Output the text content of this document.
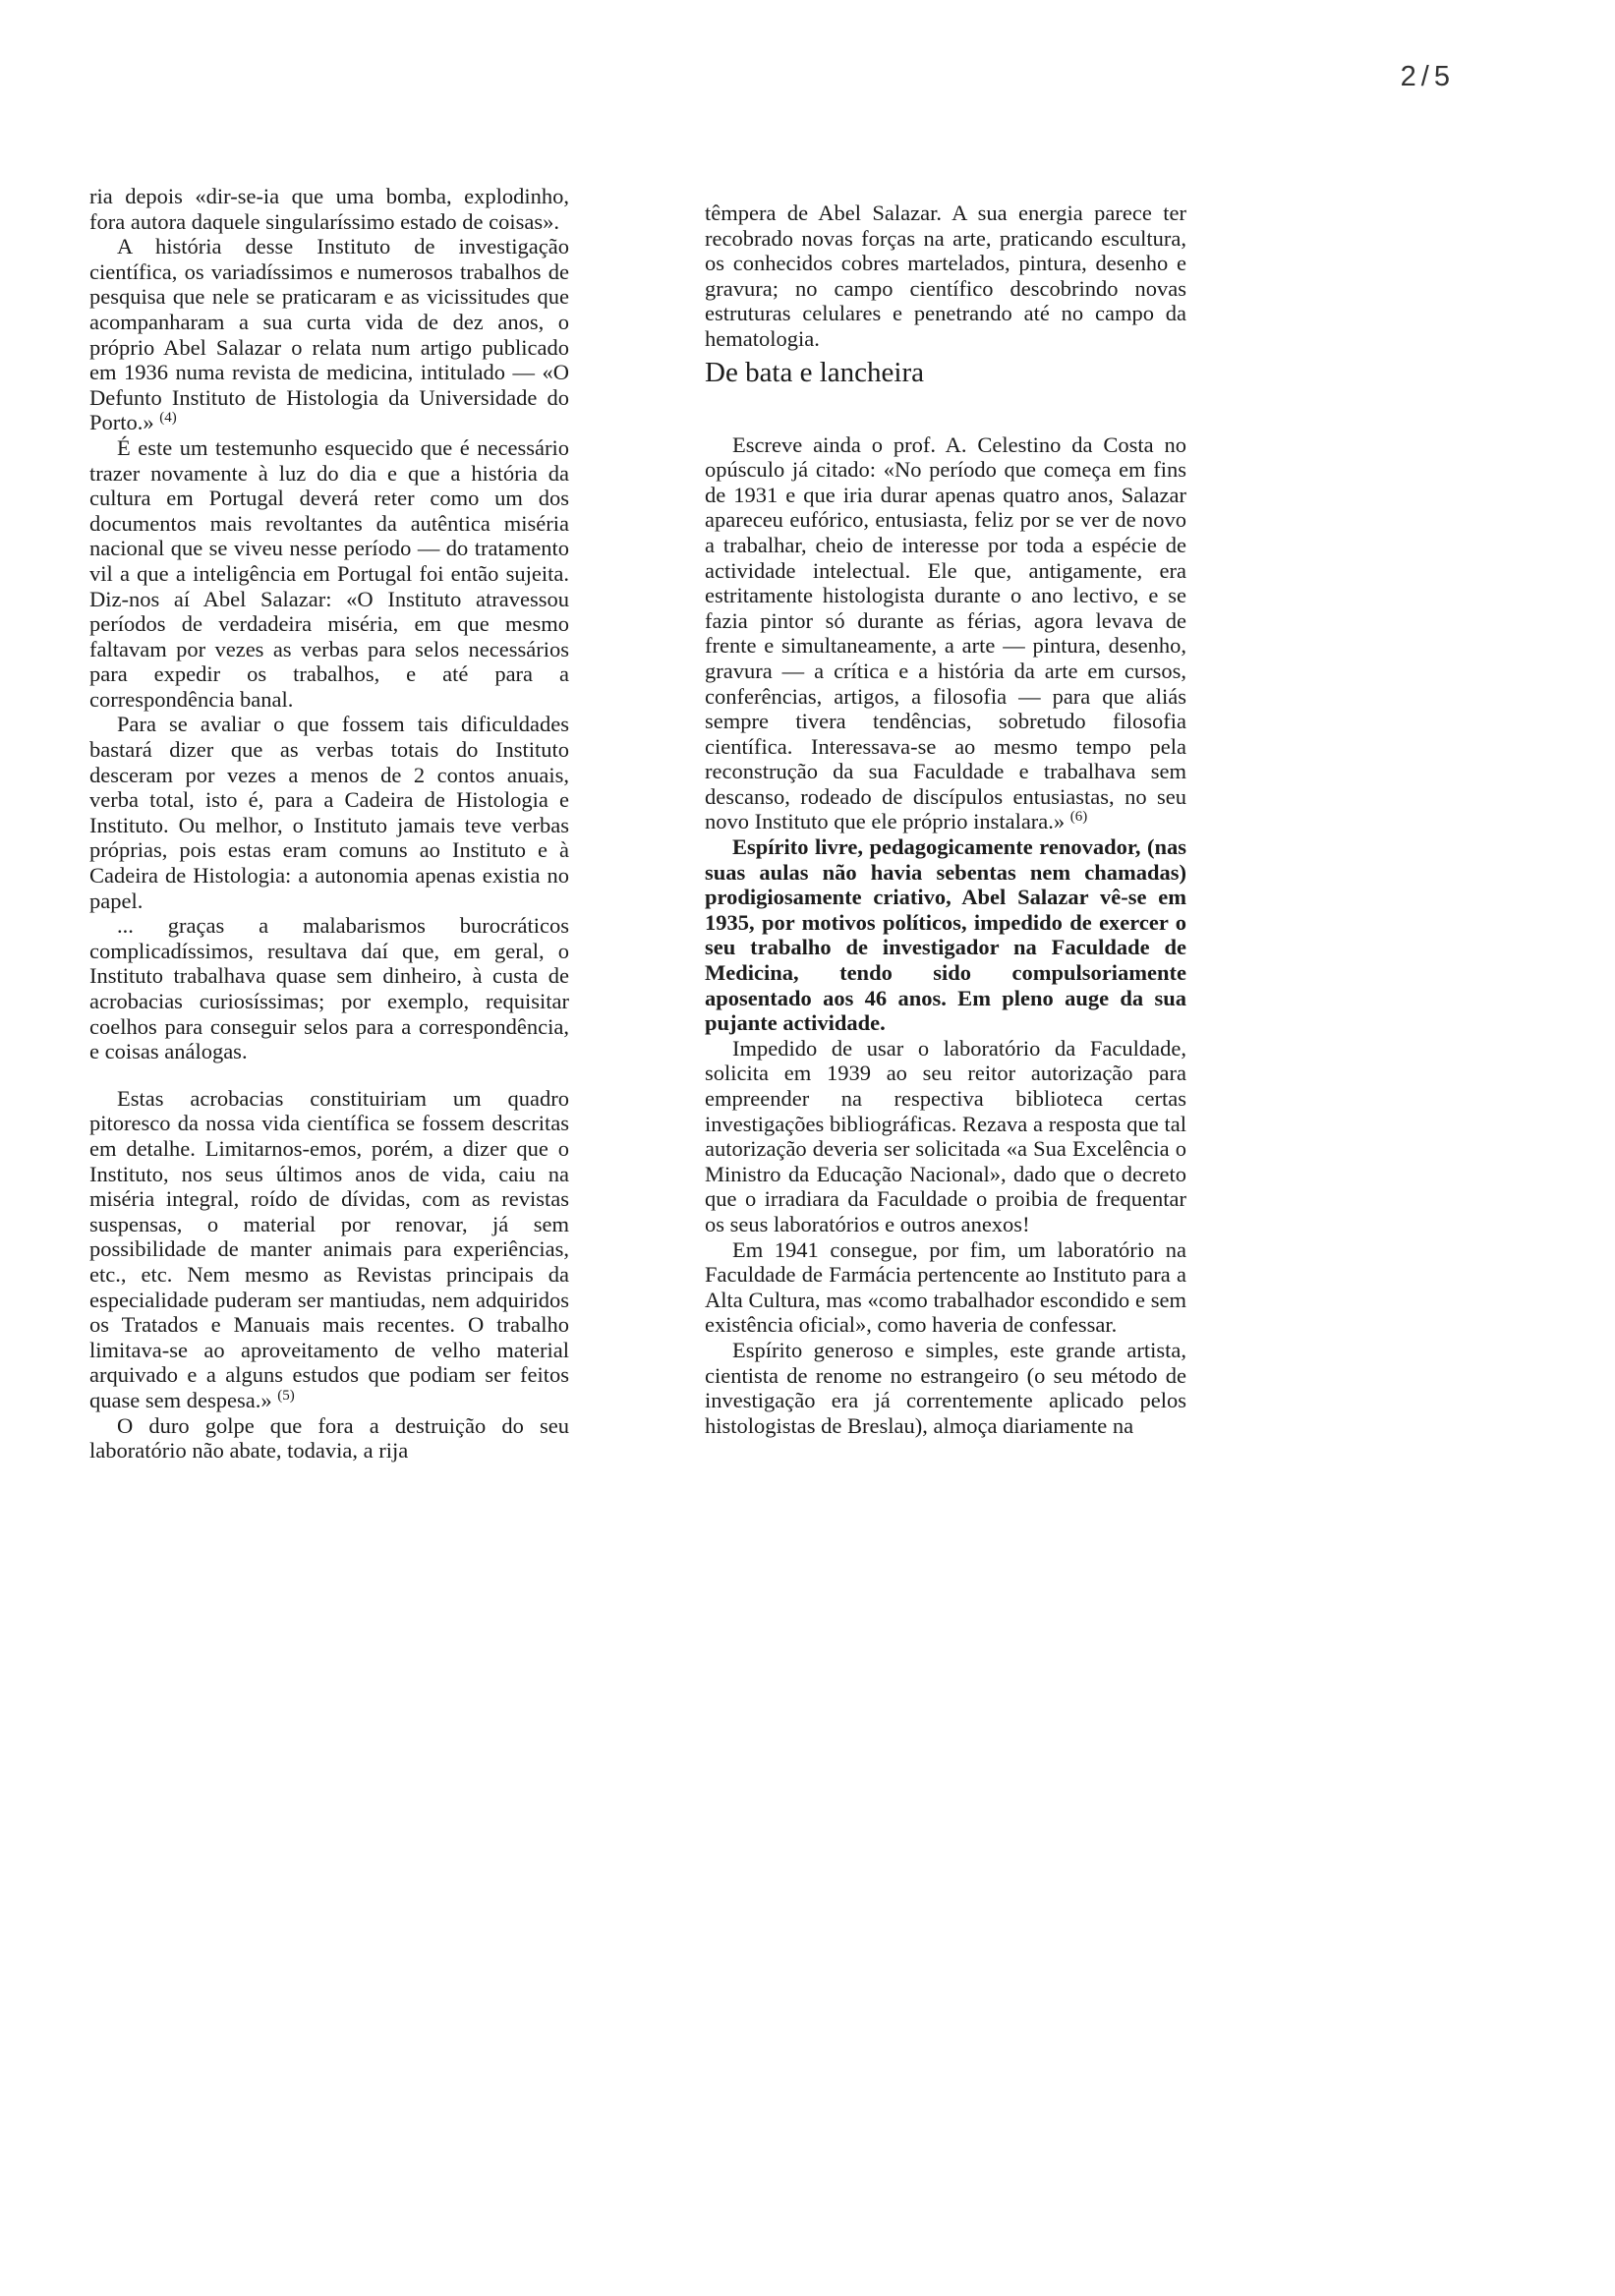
2/5

ria depois «dir-se-ia que uma bomba, explodinho, fora autora daquele singularíssimo estado de coisas».

A história desse Instituto de investigação científica, os variadíssimos e numerosos trabalhos de pesquisa que nele se praticaram e as vicissitudes que acompanharam a sua curta vida de dez anos, o próprio Abel Salazar o relata num artigo publicado em 1936 numa revista de medicina, intitulado — «O Defunto Instituto de Histologia da Universidade do Porto.» $^{(4)}$

É este um testemunho esquecido que é necessário trazer novamente à luz do dia e que a história da cultura em Portugal deverá reter como um dos documentos mais revoltantes da autêntica miséria nacional que se viveu nesse período — do tratamento vil a que a inteligência em Portugal foi então sujeita. Diz-nos aí Abel Salazar: «O Instituto atravessou períodos de verdadeira miséria, em que mesmo faltavam por vezes as verbas para selos necessários para expedir os trabalhos, e até para a correspondência banal.

Para se avaliar o que fossem tais dificuldades bastará dizer que as verbas totais do Instituto desceram por vezes a menos de 2 contos anuais, verba total, isto é, para a Cadeira de Histologia e Instituto. Ou melhor, o Instituto jamais teve verbas próprias, pois estas eram comuns ao Instituto e à Cadeira de Histologia: a autonomia apenas existia no papel.

... graças a malabarismos burocráticos complicadíssimos, resultava daí que, em geral, o Instituto trabalhava quase sem dinheiro, à custa de acrobacias curiosíssimas; por exemplo, requisitar coelhos para conseguir selos para a correspondência, e coisas análogas.

Estas acrobacias constituiriam um quadro pitoresco da nossa vida científica se fossem descritas em detalhe. Limitarnos-emos, porém, a dizer que o Instituto, nos seus últimos anos de vida, caiu na miséria integral, roído de dívidas, com as revistas suspensas, o material por renovar, já sem possibilidade de manter animais para experiências, etc., etc. Nem mesmo as Revistas principais da especialidade puderam ser mantiudas, nem adquiridos os Tratados e Manuais mais recentes. O trabalho limitava-se ao aproveitamento de velho material arquivado e a alguns estudos que podiam ser feitos quase sem despesa.» $^{(5)}$

O duro golpe que fora a destruição do seu laboratório não abate, todavia, a rija

têmpera de Abel Salazar. A sua energia parece ter recobrado novas forças na arte, praticando escultura, os conhecidos cobres martelados, pintura, desenho e gravura; no campo científico descobrindo novas estruturas celulares e penetrando até no campo da hematologia.

De bata e lancheira

Escreve ainda o prof. A. Celestino da Costa no opúsculo já citado: «No período que começa em fins de 1931 e que iria durar apenas quatro anos, Salazar apareceu eufórico, entusiasta, feliz por se ver de novo a trabalhar, cheio de interesse por toda a espécie de actividade intelectual. Ele que, antigamente, era estritamente histologista durante o ano lectivo, e se fazia pintor só durante as férias, agora levava de frente e simultaneamente, a arte — pintura, desenho, gravura — a crítica e a história da arte em cursos, conferências, artigos, a filosofia — para que aliás sempre tivera tendências, sobretudo filosofia científica. Interessava-se ao mesmo tempo pela reconstrução da sua Faculdade e trabalhava sem descanso, rodeado de discípulos entusiastas, no seu novo Instituto que ele próprio instalara.» $^{(6)}$

Espírito livre, pedagogicamente renovador, (nas suas aulas não havia sebentas nem chamadas) prodigiosamente criativo, Abel Salazar vê-se em 1935, por motivos políticos, impedido de exercer o seu trabalho de investigador na Faculdade de Medicina, tendo sido compulsoriamente aposentado aos 46 anos. Em pleno auge da sua pujante actividade.

Impedido de usar o laboratório da Faculdade, solicita em 1939 ao seu reitor autorização para empreender na respectiva biblioteca certas investigações bibliográficas. Rezava a resposta que tal autorização deveria ser solicitada «a Sua Excelência o Ministro da Educação Nacional», dado que o decreto que o irradiara da Faculdade o proibia de frequentar os seus laboratórios e outros anexos!

Em 1941 consegue, por fim, um laboratório na Faculdade de Farmácia pertencente ao Instituto para a Alta Cultura, mas «como trabalhador escondido e sem existência oficial», como haveria de confessar.

Espírito generoso e simples, este grande artista, cientista de renome no estrangeiro (o seu método de investigação era já correntemente aplicado pelos histologistas de Breslau), almoça diariamente na
